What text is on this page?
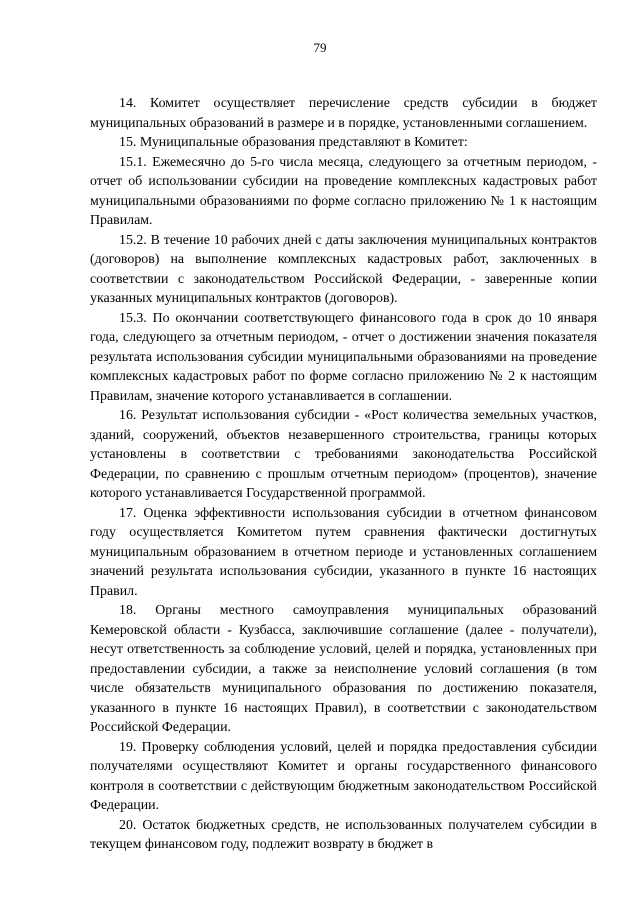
79

14. Комитет осуществляет перечисление средств субсидии в бюджет муниципальных образований в размере и в порядке, установленными соглашением.

15. Муниципальные образования представляют в Комитет:

15.1. Ежемесячно до 5-го числа месяца, следующего за отчетным периодом, - отчет об использовании субсидии на проведение комплексных кадастровых работ муниципальными образованиями по форме согласно приложению № 1 к настоящим Правилам.

15.2. В течение 10 рабочих дней с даты заключения муниципальных контрактов (договоров) на выполнение комплексных кадастровых работ, заключенных в соответствии с законодательством Российской Федерации, - заверенные копии указанных муниципальных контрактов (договоров).

15.3. По окончании соответствующего финансового года в срок до 10 января года, следующего за отчетным периодом, - отчет о достижении значения показателя результата использования субсидии муниципальными образованиями на проведение комплексных кадастровых работ по форме согласно приложению № 2 к настоящим Правилам, значение которого устанавливается в соглашении.

16. Результат использования субсидии - «Рост количества земельных участков, зданий, сооружений, объектов незавершенного строительства, границы которых установлены в соответствии с требованиями законодательства Российской Федерации, по сравнению с прошлым отчетным периодом» (процентов), значение которого устанавливается Государственной программой.

17. Оценка эффективности использования субсидии в отчетном финансовом году осуществляется Комитетом путем сравнения фактически достигнутых муниципальным образованием в отчетном периоде и установленных соглашением значений результата использования субсидии, указанного в пункте 16 настоящих Правил.

18. Органы местного самоуправления муниципальных образований Кемеровской области - Кузбасса, заключившие соглашение (далее - получатели), несут ответственность за соблюдение условий, целей и порядка, установленных при предоставлении субсидии, а также за неисполнение условий соглашения (в том числе обязательств муниципального образования по достижению показателя, указанного в пункте 16 настоящих Правил), в соответствии с законодательством Российской Федерации.

19. Проверку соблюдения условий, целей и порядка предоставления субсидии получателями осуществляют Комитет и органы государственного финансового контроля в соответствии с действующим бюджетным законодательством Российской Федерации.

20. Остаток бюджетных средств, не использованных получателем субсидии в текущем финансовом году, подлежит возврату в бюджет в
